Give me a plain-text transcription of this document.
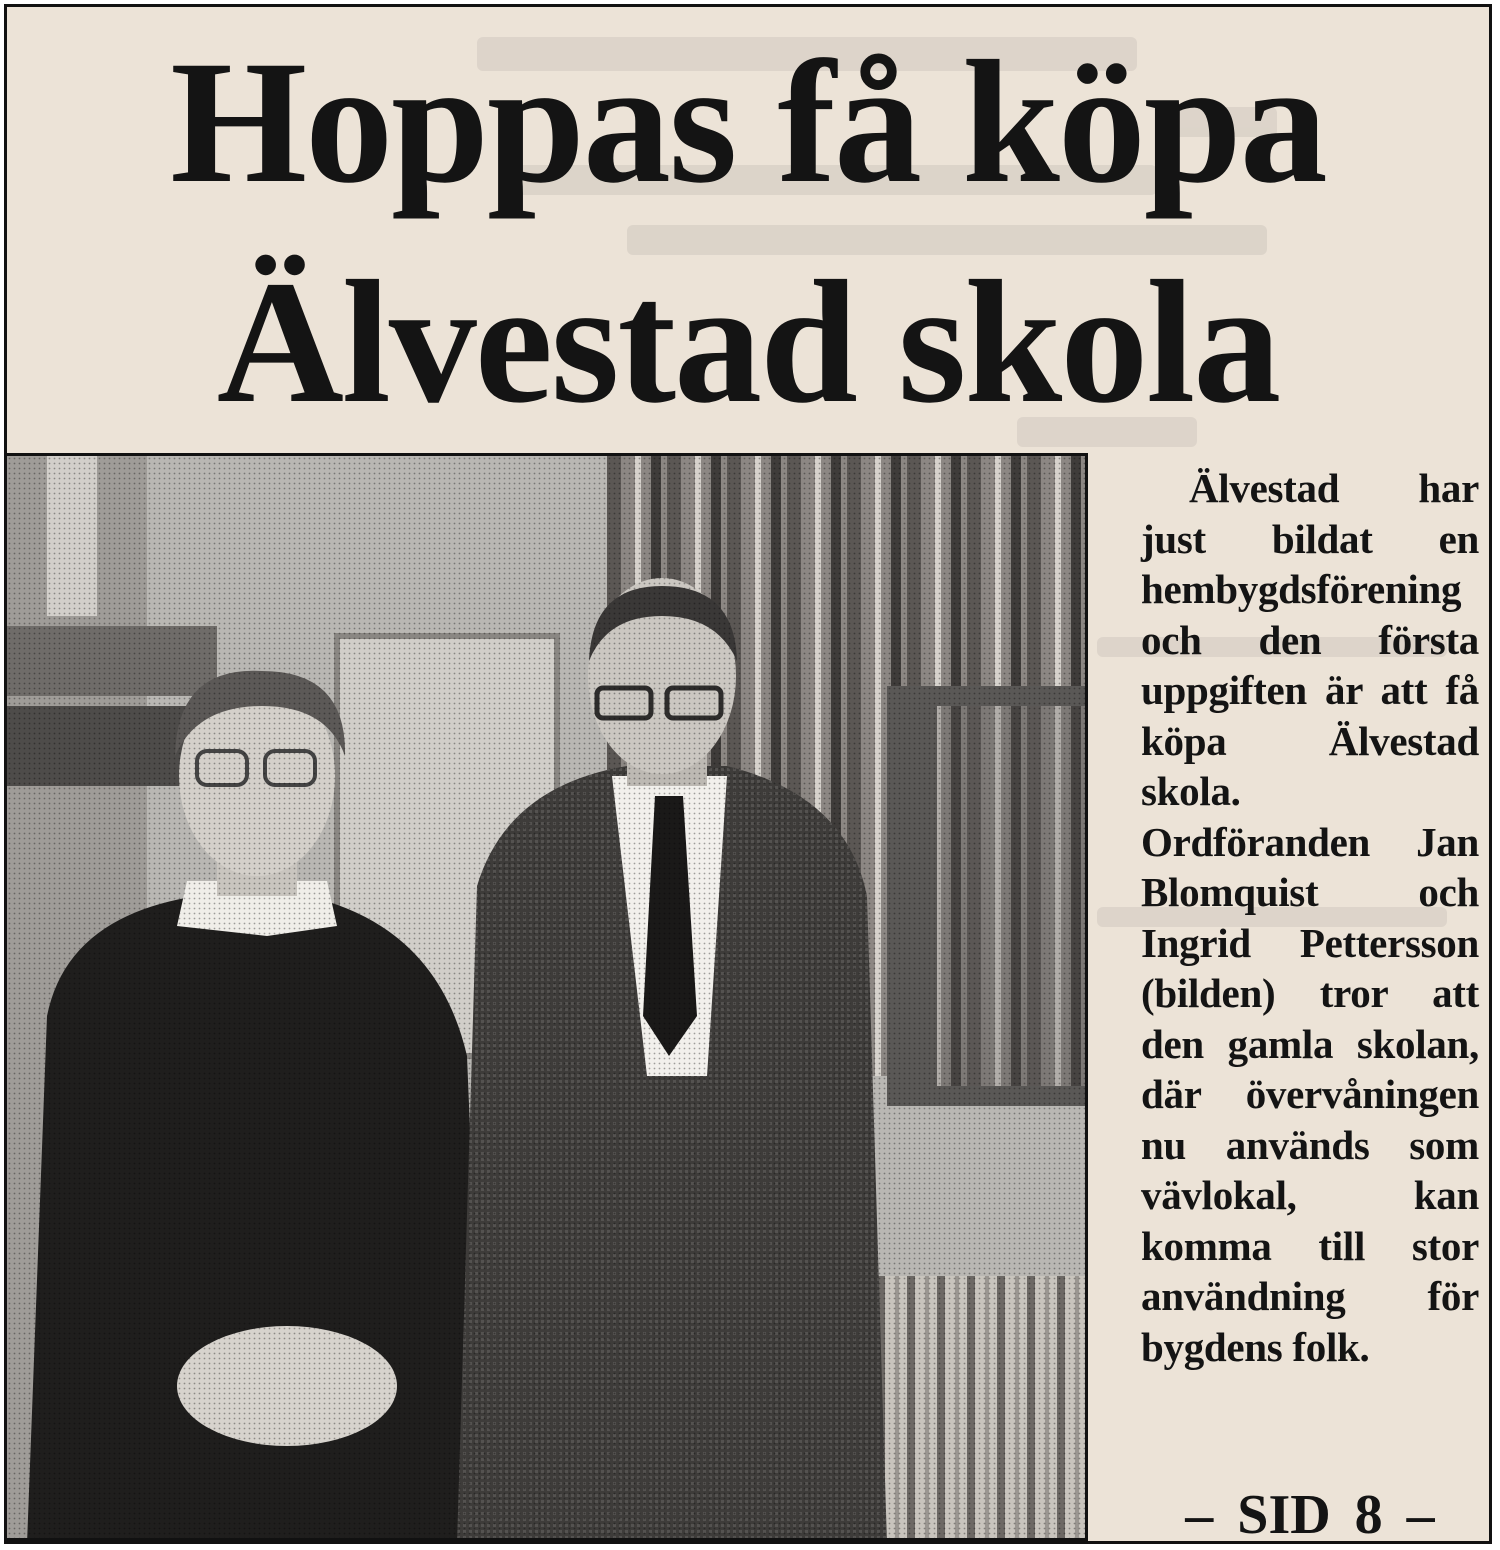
Hoppas få köpa
Älvestad skola

Älvestad har just bildat en hembygdsförening och den första uppgiften är att få köpa Älvestad skola. Ordföranden Jan Blomquist och Ingrid Pettersson (bilden) tror att den gamla skolan, där övervåningen nu används som vävlokal, kan komma till stor användning för bygdens folk.

– SID 8 –
